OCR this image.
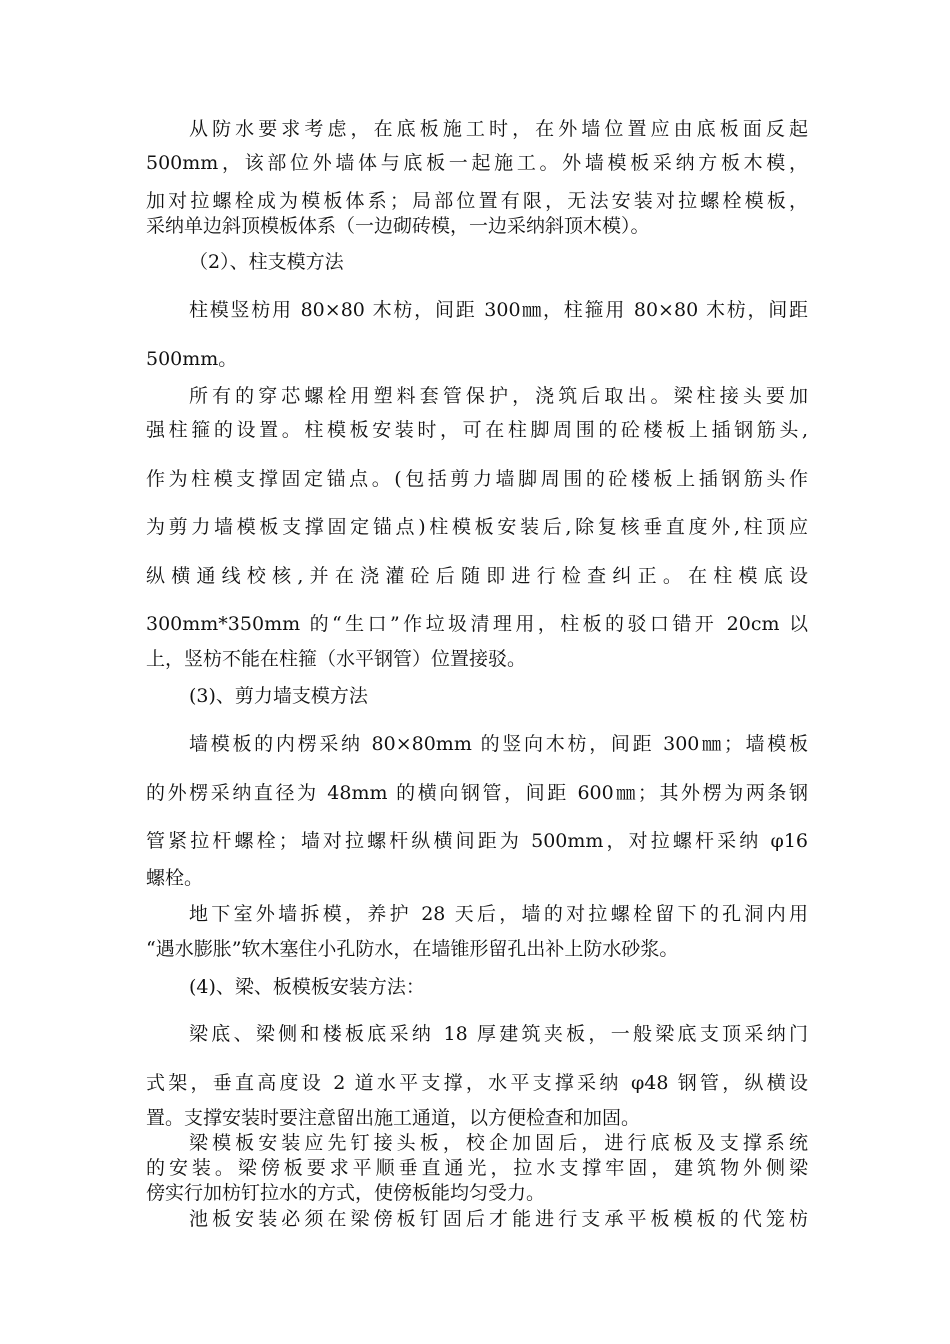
从防水要求考虑，在底板施工时，在外墙位置应由底板面反起
500mm，该部位外墙体与底板一起施工。外墙模板采纳方板木模，
加对拉螺栓成为模板体系；局部位置有限，无法安装对拉螺栓模板，
采纳单边斜顶模板体系（一边砌砖模，一边采纳斜顶木模）。
（2）、柱支模方法
柱模竖枋用 80×80 木枋，间距 300㎜，柱箍用 80×80 木枋，间距
500mm。
所有的穿芯螺栓用塑料套管保护，浇筑后取出。梁柱接头要加
强柱箍的设置。柱模板安装时，可在柱脚周围的砼楼板上插钢筋头,
作为柱模支撑固定锚点。(包括剪力墙脚周围的砼楼板上插钢筋头作
为剪力墙模板支撑固定锚点)柱模板安装后,除复核垂直度外,柱顶应
纵横通线校核,并在浇灌砼后随即进行检查纠正。在柱模底设
300mm*350mm 的“生口”作垃圾清理用，柱板的驳口错开 20cm 以
上，竖枋不能在柱箍（水平钢管）位置接驳。
(3)、剪力墙支模方法
墙模板的内楞采纳 80×80mm 的竖向木枋，间距 300㎜；墙模板
的外楞采纳直径为 48mm 的横向钢管，间距 600㎜；其外楞为两条钢
管紧拉杆螺栓；墙对拉螺杆纵横间距为 500mm，对拉螺杆采纳 φ16
螺栓。
地下室外墙拆模，养护 28 天后，墙的对拉螺栓留下的孔洞内用
“遇水膨胀”软木塞住小孔防水，在墙锥形留孔出补上防水砂浆。
(4)、梁、板模板安装方法：
梁底、梁侧和楼板底采纳 18 厚建筑夹板，一般梁底支顶采纳门
式架，垂直高度设 2 道水平支撑，水平支撑采纳 φ48 钢管，纵横设
置。支撑安装时要注意留出施工通道，以方便检查和加固。
梁模板安装应先钉接头板，校企加固后，进行底板及支撑系统
的安装。梁傍板要求平顺垂直通光，拉水支撑牢固，建筑物外侧梁
傍实行加枋钉拉水的方式，使傍板能均匀受力。
池板安装必须在梁傍板钉固后才能进行支承平板模板的代笼枋
